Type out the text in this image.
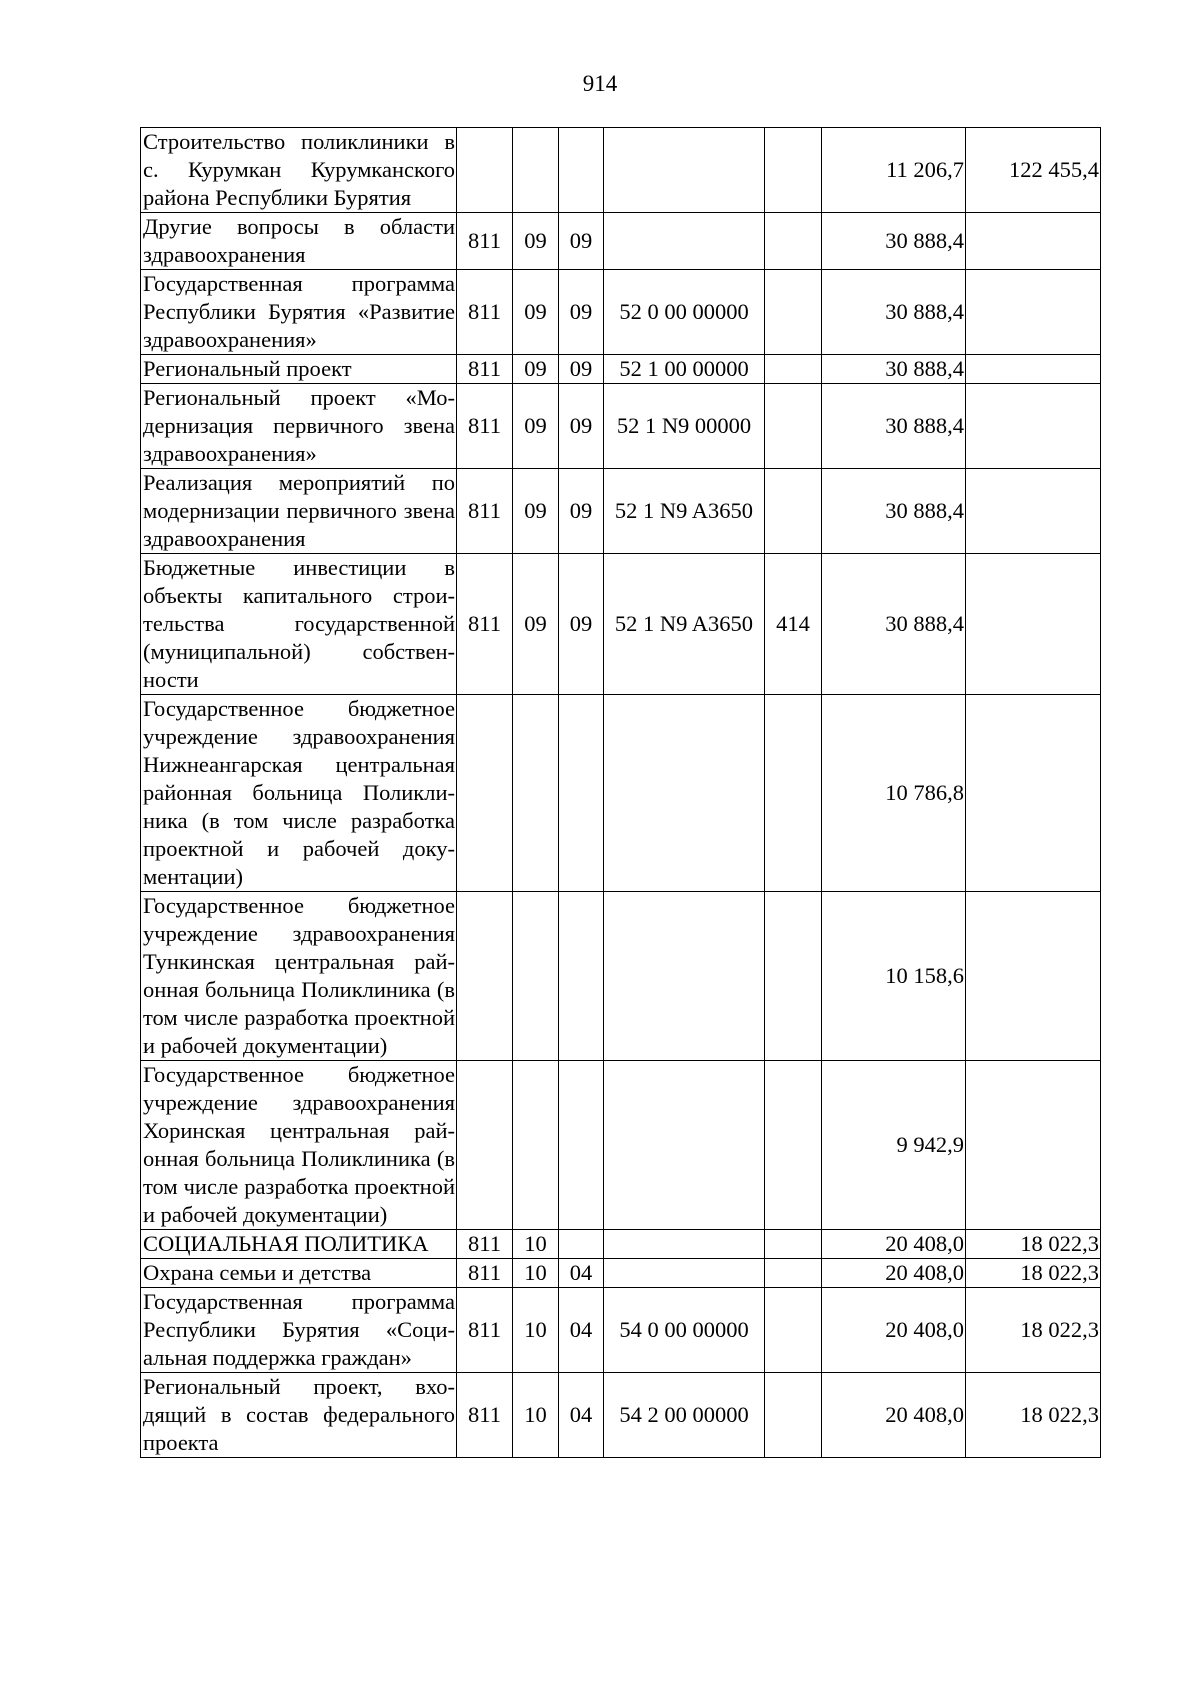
914
Строительство поликлиники в с. Курумкан Курумканского района Республики Бурятия						11 206,7	122 455,4
Другие вопросы в области здравоохранения	811	09	09			30 888,4	
Государственная программа Республики Бурятия «Развитие здравоохранения»	811	09	09	52 0 00 00000		30 888,4	
Региональный проект	811	09	09	52 1 00 00000		30 888,4	
Региональный проект «Модернизация первичного звена здравоохранения»	811	09	09	52 1 N9 00000		30 888,4	
Реализация мероприятий по модернизации первичного звена здравоохранения	811	09	09	52 1 N9 A3650		30 888,4	
Бюджетные инвестиции в объекты капитального строительства государственной (муниципальной) собственности	811	09	09	52 1 N9 A3650	414	30 888,4	
Государственное бюджетное учреждение здравоохранения Нижнеангарская центральная районная больница Поликлиника (в том числе разработка проектной и рабочей документации)						10 786,8	
Государственное бюджетное учреждение здравоохранения Тункинская центральная районная больница Поликлиника (в том числе разработка проектной и рабочей документации)						10 158,6	
Государственное бюджетное учреждение здравоохранения Хоринская центральная районная больница Поликлиника (в том числе разработка проектной и рабочей документации)						9 942,9	
СОЦИАЛЬНАЯ ПОЛИТИКА	811	10				20 408,0	18 022,3
Охрана семьи и детства	811	10	04			20 408,0	18 022,3
Государственная программа Республики Бурятия «Социальная поддержка граждан»	811	10	04	54 0 00 00000		20 408,0	18 022,3
Региональный проект, входящий в состав федерального проекта	811	10	04	54 2 00 00000		20 408,0	18 022,3
